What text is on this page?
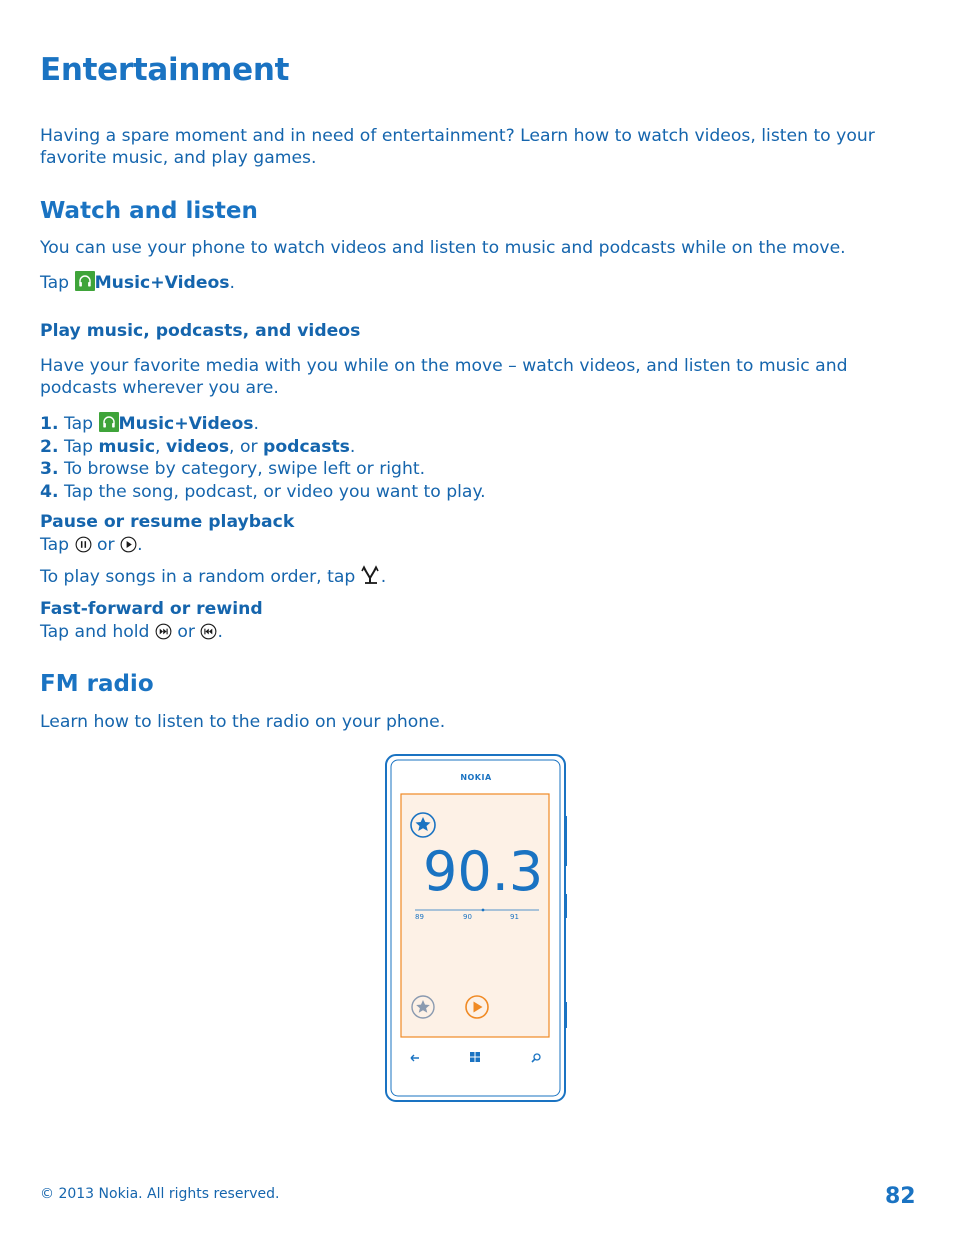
Entertainment

Having a spare moment and in need of entertainment? Learn how to watch videos, listen to your favorite music, and play games.

Watch and listen

You can use your phone to watch videos and listen to music and podcasts while on the move.

Tap Music+Videos.

Play music, podcasts, and videos

Have your favorite media with you while on the move – watch videos, and listen to music and podcasts wherever you are.

1. Tap Music+Videos.
2. Tap music, videos, or podcasts.
3. To browse by category, swipe left or right.
4. Tap the song, podcast, or video you want to play.
Pause or resume playback

Tap or .

To play songs in a random order, tap .

Fast-forward or rewind

Tap and hold or .

FM radio

Learn how to listen to the radio on your phone.

NOKIA
90.3
89	90	91
© 2013 Nokia. All rights reserved.	82
